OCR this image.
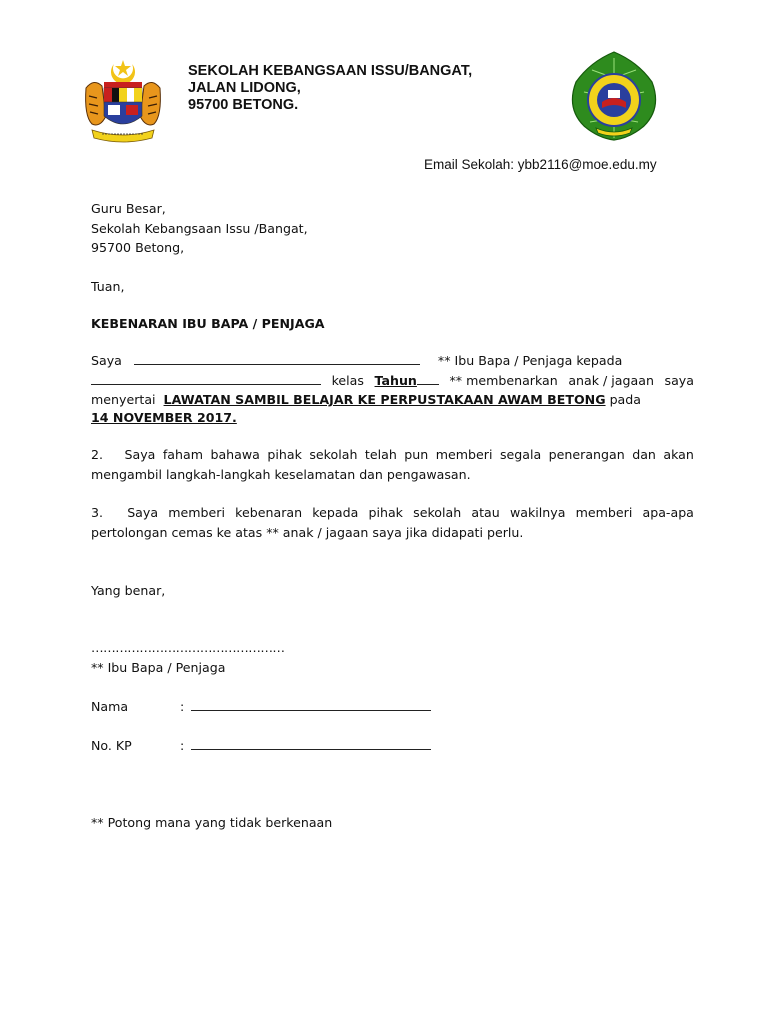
SEKOLAH KEBANGSAAN ISSU/BANGAT,
JALAN LIDONG,
95700 BETONG.
Email Sekolah: ybb2116@moe.edu.my
Guru Besar,
Sekolah Kebangsaan Issu /Bangat,
95700 Betong,
Tuan,
KEBENARAN IBU BAPA / PENJAGA
Saya	** Ibu Bapa / Penjaga kepada
kelas Tahun	** membenarkan anak / jagaan saya
menyertai LAWATAN SAMBIL BELAJAR KE PERPUSTAKAAN AWAM BETONG pada
14 NOVEMBER 2017.
2.	Saya faham bahawa pihak sekolah telah pun memberi segala penerangan dan akan
mengambil langkah-langkah keselamatan dan pengawasan.
3.	Saya memberi kebenaran kepada pihak sekolah atau wakilnya memberi apa-apa
pertolongan cemas ke atas ** anak / jagaan saya jika didapati perlu.
Yang benar,
…………………………………………
** Ibu Bapa / Penjaga
Nama	:
No. KP	:
** Potong mana yang tidak berkenaan
